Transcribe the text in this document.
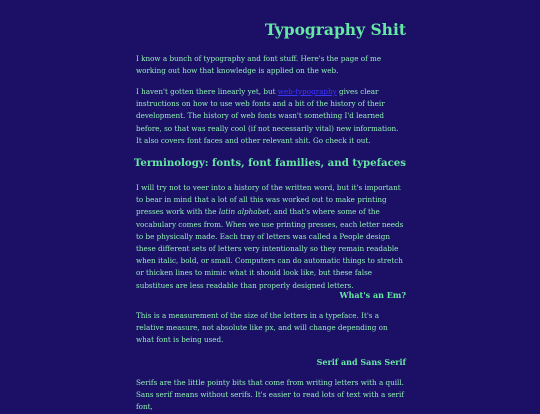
Typography Shit

I know a bunch of typography and font stuff. Here's the page of me working out how that knowledge is applied on the web.

I haven't gotten there linearly yet, but web-typography gives clear instructions on how to use web fonts and a bit of the history of their development. The history of web fonts wasn't something I'd learned before, so that was really cool (if not necessarily vital) new information. It also covers font faces and other relevant shit. Go check it out.

Terminology: fonts, font families, and typefaces

I will try not to veer into a history of the written word, but it's important to bear in mind that a lot of all this was worked out to make printing presses work with the latin alphabet, and that's where some of the vocabulary comes from. When we use printing presses, each letter needs to be physically made. Each tray of letters was called a People design these different sets of letters very intentionally so they remain readable when italic, bold, or small. Computers can do automatic things to stretch or thicken lines to mimic what it should look like, but these false substitues are less readable than properly designed letters.

What's an Em?

This is a measurement of the size of the letters in a typeface. It's a relative measure, not absolute like px, and will change depending on what font is being used.

Serif and Sans Serif

Serifs are the little pointy bits that come from writing letters with a quill. Sans serif means without serifs. It's easier to read lots of text with a serif font,
